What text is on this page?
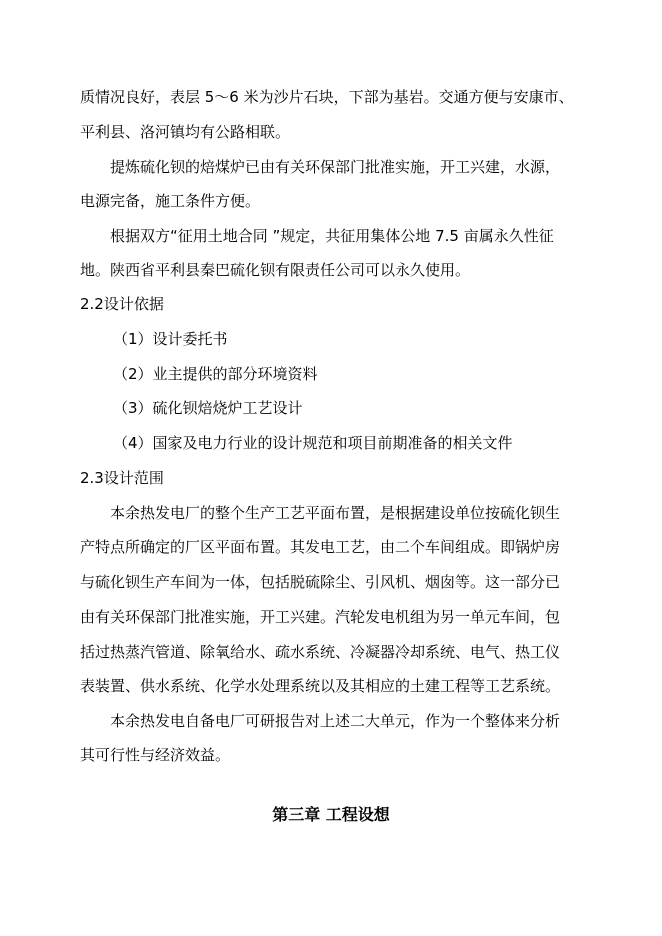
质情况良好，表层 5～6 米为沙片石块，下部为基岩。交通方便与安康市、
平利县、洛河镇均有公路相联。
提炼硫化钡的焙煤炉已由有关环保部门批准实施，开工兴建，水源，
电源完备，施工条件方便。
根据双方“征用土地合同 ”规定，共征用集体公地 7.5 亩属永久性征
地。陕西省平利县秦巴硫化钡有限责任公司可以永久使用。
2.2设计依据
（1）设计委托书
（2）业主提供的部分环境资料
（3）硫化钡焙烧炉工艺设计
（4）国家及电力行业的设计规范和项目前期准备的相关文件
2.3设计范围
本余热发电厂的整个生产工艺平面布置，是根据建设单位按硫化钡生
产特点所确定的厂区平面布置。其发电工艺，由二个车间组成。即锅炉房
与硫化钡生产车间为一体，包括脱硫除尘、引风机、烟囱等。这一部分已
由有关环保部门批准实施，开工兴建。汽轮发电机组为另一单元车间，包
括过热蒸汽管道、除氧给水、疏水系统、冷凝器冷却系统、电气、热工仪
表装置、供水系统、化学水处理系统以及其相应的土建工程等工艺系统。
本余热发电自备电厂可研报告对上述二大单元，作为一个整体来分析
其可行性与经济效益。
第三章 工程设想
